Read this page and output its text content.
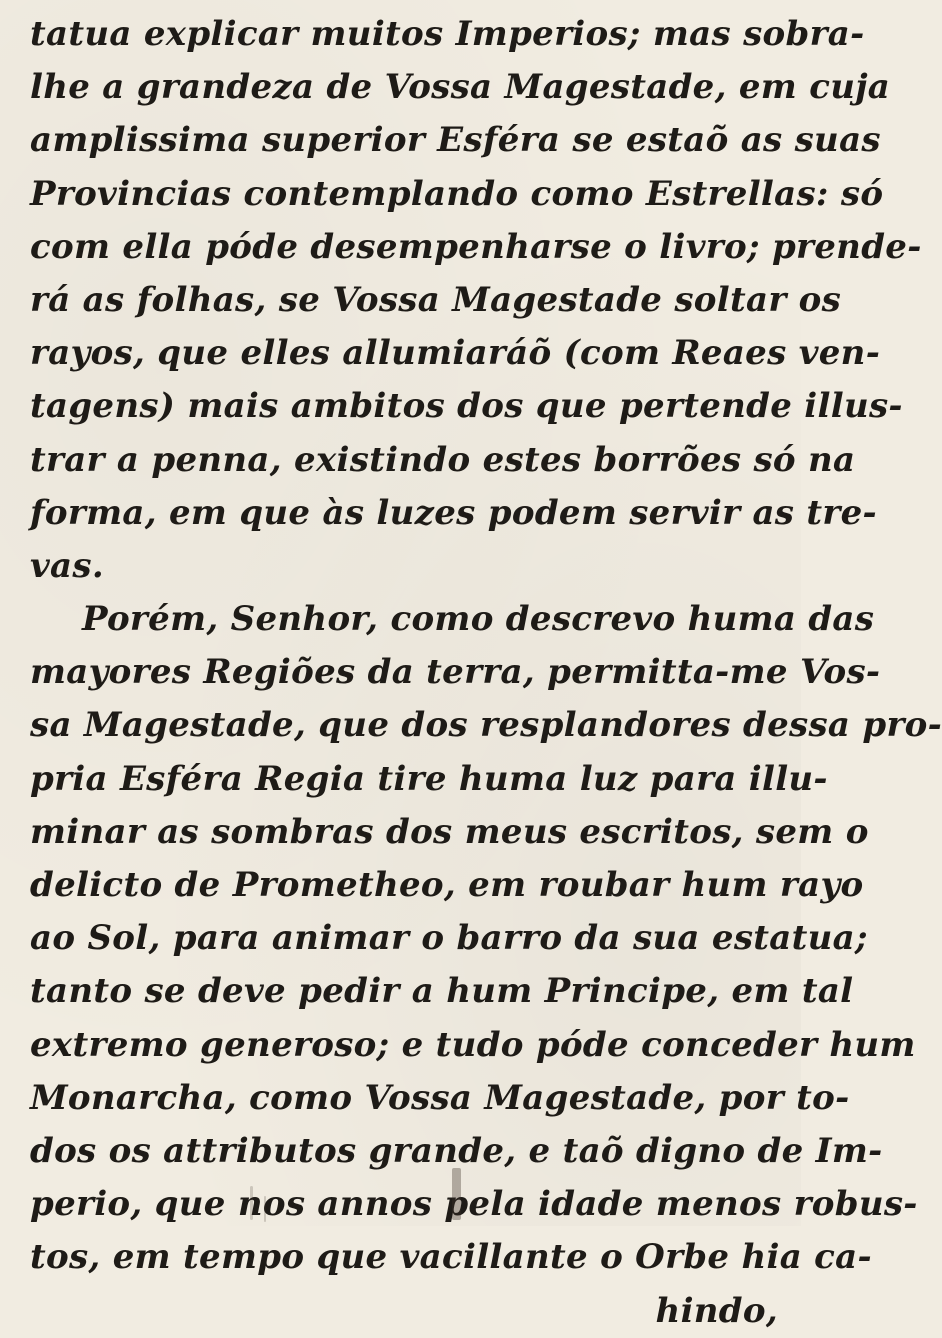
tatua explicar muitos Imperios; mas sobra-
lhe a grandeza de Vossa Magestade, em cuja
amplissima superior Esféra se estaõ as suas
Provincias contemplando como Estrellas: só
com ella póde desempenharse o livro; prende-
rá as folhas, se Vossa Magestade soltar os
rayos, que elles allumiaráõ (com Reaes ven-
tagens) mais ambitos dos que pertende illus-
trar a penna, existindo estes borrões só na
forma, em que às luzes podem servir as tre-
vas.
Porém, Senhor, como descrevo huma das
mayores Regiões da terra, permitta-me Vos-
sa Magestade, que dos resplandores dessa pro-
pria Esféra Regia tire huma luz para illu-
minar as sombras dos meus escritos, sem o
delicto de Prometheo, em roubar hum rayo
ao Sol, para animar o barro da sua estatua;
tanto se deve pedir a hum Principe, em tal
extremo generoso; e tudo póde conceder hum
Monarcha, como Vossa Magestade, por to-
dos os attributos grande, e taõ digno de Im-
perio, que nos annos pela idade menos robus-
tos, em tempo que vacillante o Orbe hia ca-
hindo,
